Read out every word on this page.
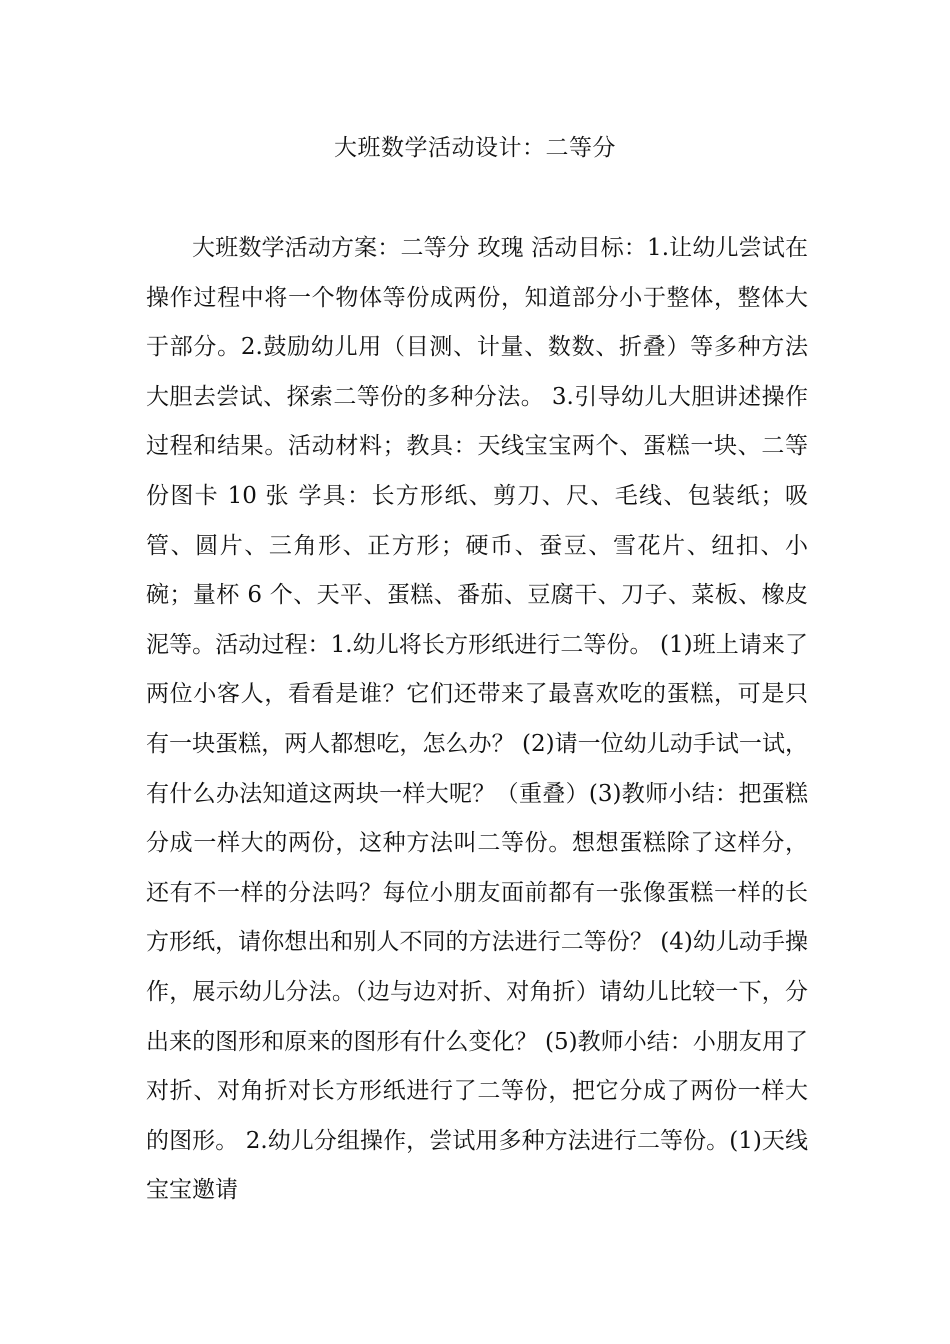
大班数学活动设计：二等分

大班数学活动方案：二等分 玫瑰 活动目标：1.让幼儿尝试在操作过程中将一个物体等份成两份，知道部分小于整体，整体大于部分。2.鼓励幼儿用（目测、计量、数数、折叠）等多种方法大胆去尝试、探索二等份的多种分法。 3.引导幼儿大胆讲述操作过程和结果。活动材料；教具：天线宝宝两个、蛋糕一块、二等份图卡 10 张 学具：长方形纸、剪刀、尺、毛线、包装纸；吸管、圆片、三角形、正方形；硬币、蚕豆、雪花片、纽扣、小碗；量杯 6 个、天平、蛋糕、番茄、豆腐干、刀子、菜板、橡皮泥等。活动过程：1.幼儿将长方形纸进行二等份。 (1)班上请来了两位小客人，看看是谁？它们还带来了最喜欢吃的蛋糕，可是只有一块蛋糕，两人都想吃，怎么办？ (2)请一位幼儿动手试一试，有什么办法知道这两块一样大呢？（重叠）(3)教师小结：把蛋糕分成一样大的两份，这种方法叫二等份。想想蛋糕除了这样分，还有不一样的分法吗？每位小朋友面前都有一张像蛋糕一样的长方形纸，请你想出和别人不同的方法进行二等份？ (4)幼儿动手操作，展示幼儿分法。（边与边对折、对角折）请幼儿比较一下，分出来的图形和原来的图形有什么变化？ (5)教师小结：小朋友用了对折、对角折对长方形纸进行了二等份，把它分成了两份一样大的图形。 2.幼儿分组操作，尝试用多种方法进行二等份。(1)天线宝宝邀请
